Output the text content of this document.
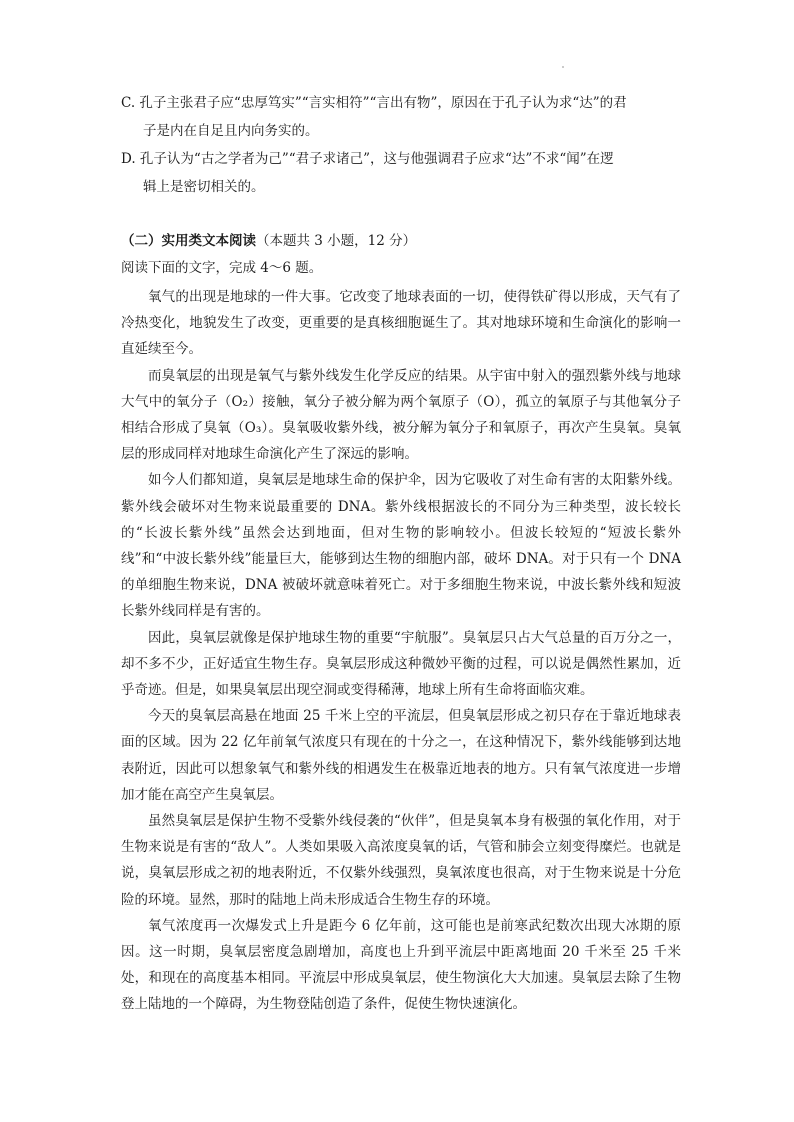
C. 孔子主张君子应“忠厚笃实”“言实相符”“言出有物”，原因在于孔子认为求“达”的君
子是内在自足且内向务实的。
D. 孔子认为“古之学者为己”“君子求诸己”，这与他强调君子应求“达”不求“闻”在逻
辑上是密切相关的。
（二）实用类文本阅读（本题共 3 小题，12 分）
阅读下面的文字，完成 4～6 题。

氧气的出现是地球的一件大事。它改变了地球表面的一切，使得铁矿得以形成，天气有了冷热变化，地貌发生了改变，更重要的是真核细胞诞生了。其对地球环境和生命演化的影响一直延续至今。

而臭氧层的出现是氧气与紫外线发生化学反应的结果。从宇宙中射入的强烈紫外线与地球大气中的氧分子（O₂）接触，氧分子被分解为两个氧原子（O），孤立的氧原子与其他氧分子相结合形成了臭氧（O₃）。臭氧吸收紫外线，被分解为氧分子和氧原子，再次产生臭氧。臭氧层的形成同样对地球生命演化产生了深远的影响。

如今人们都知道，臭氧层是地球生命的保护伞，因为它吸收了对生命有害的太阳紫外线。紫外线会破坏对生物来说最重要的 DNA。紫外线根据波长的不同分为三种类型，波长较长的“长波长紫外线”虽然会达到地面，但对生物的影响较小。但波长较短的“短波长紫外线”和“中波长紫外线”能量巨大，能够到达生物的细胞内部，破坏 DNA。对于只有一个 DNA 的单细胞生物来说，DNA 被破坏就意味着死亡。对于多细胞生物来说，中波长紫外线和短波长紫外线同样是有害的。

因此，臭氧层就像是保护地球生物的重要“宇航服”。臭氧层只占大气总量的百万分之一，却不多不少，正好适宜生物生存。臭氧层形成这种微妙平衡的过程，可以说是偶然性累加，近乎奇迹。但是，如果臭氧层出现空洞或变得稀薄，地球上所有生命将面临灾难。

今天的臭氧层高悬在地面 25 千米上空的平流层，但臭氧层形成之初只存在于靠近地球表面的区域。因为 22 亿年前氧气浓度只有现在的十分之一，在这种情况下，紫外线能够到达地表附近，因此可以想象氧气和紫外线的相遇发生在极靠近地表的地方。只有氧气浓度进一步增加才能在高空产生臭氧层。

虽然臭氧层是保护生物不受紫外线侵袭的“伙伴”，但是臭氧本身有极强的氧化作用，对于生物来说是有害的“敌人”。人类如果吸入高浓度臭氧的话，气管和肺会立刻变得糜烂。也就是说，臭氧层形成之初的地表附近，不仅紫外线强烈，臭氧浓度也很高，对于生物来说是十分危险的环境。显然，那时的陆地上尚未形成适合生物生存的环境。

氧气浓度再一次爆发式上升是距今 6 亿年前，这可能也是前寒武纪数次出现大冰期的原因。这一时期，臭氧层密度急剧增加，高度也上升到平流层中距离地面 20 千米至 25 千米处，和现在的高度基本相同。平流层中形成臭氧层，使生物演化大大加速。臭氧层去除了生物登上陆地的一个障碍，为生物登陆创造了条件，促使生物快速演化。
